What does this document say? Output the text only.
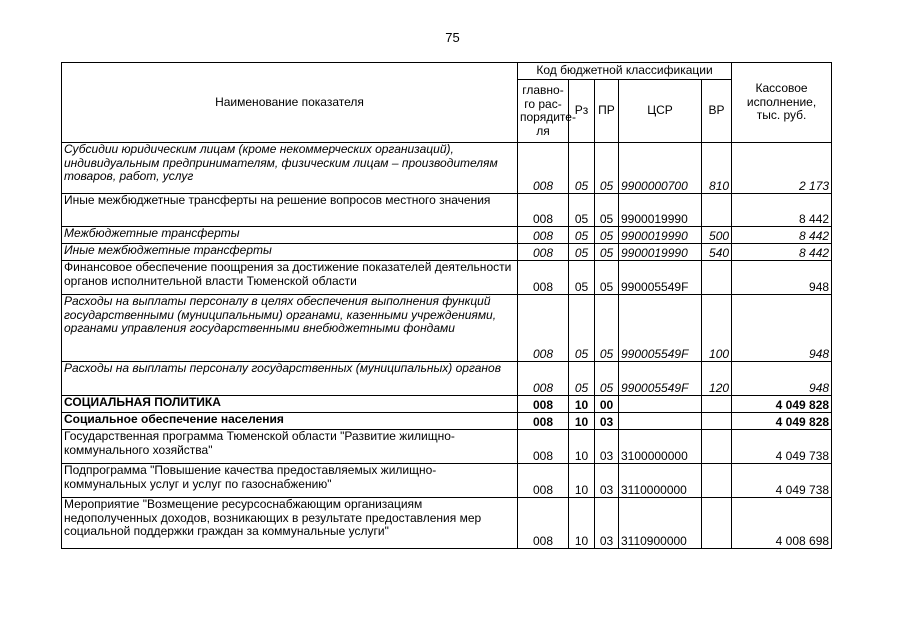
75
Наименование показателя	Код бюджетной классификации					Кассовое исполнение, тыс. руб.
	главно-го рас-порядите-ля	Рз	ПР	ЦСР	ВР	
Субсидии юридическим лицам (кроме некоммерческих организаций), индивидуальным предпринимателям, физическим лицам – производителям товаров, работ, услуг	008	05	05	9900000700	810	2 173
Иные межбюджетные трансферты на решение вопросов местного значения	008	05	05	9900019990		8 442
Межбюджетные трансферты	008	05	05	9900019990	500	8 442
Иные межбюджетные трансферты	008	05	05	9900019990	540	8 442
Финансовое обеспечение поощрения за достижение показателей деятельности органов исполнительной власти Тюменской области	008	05	05	990005549F		948
Расходы на выплаты персоналу в целях обеспечения выполнения функций государственными (муниципальными) органами, казенными учреждениями, органами управления государственными внебюджетными фондами	008	05	05	990005549F	100	948
Расходы на выплаты персоналу государственных (муниципальных) органов	008	05	05	990005549F	120	948
СОЦИАЛЬНАЯ ПОЛИТИКА	008	10	00			4 049 828
Социальное обеспечение населения	008	10	03			4 049 828
Государственная программа Тюменской области "Развитие жилищно-коммунального хозяйства"	008	10	03	3100000000		4 049 738
Подпрограмма "Повышение качества предоставляемых жилищно-коммунальных услуг и услуг по газоснабжению"	008	10	03	3110000000		4 049 738
Мероприятие "Возмещение ресурсоснабжающим организациям недополученных доходов, возникающих в результате предоставления мер социальной поддержки граждан за коммунальные услуги"	008	10	03	3110900000		4 008 698
